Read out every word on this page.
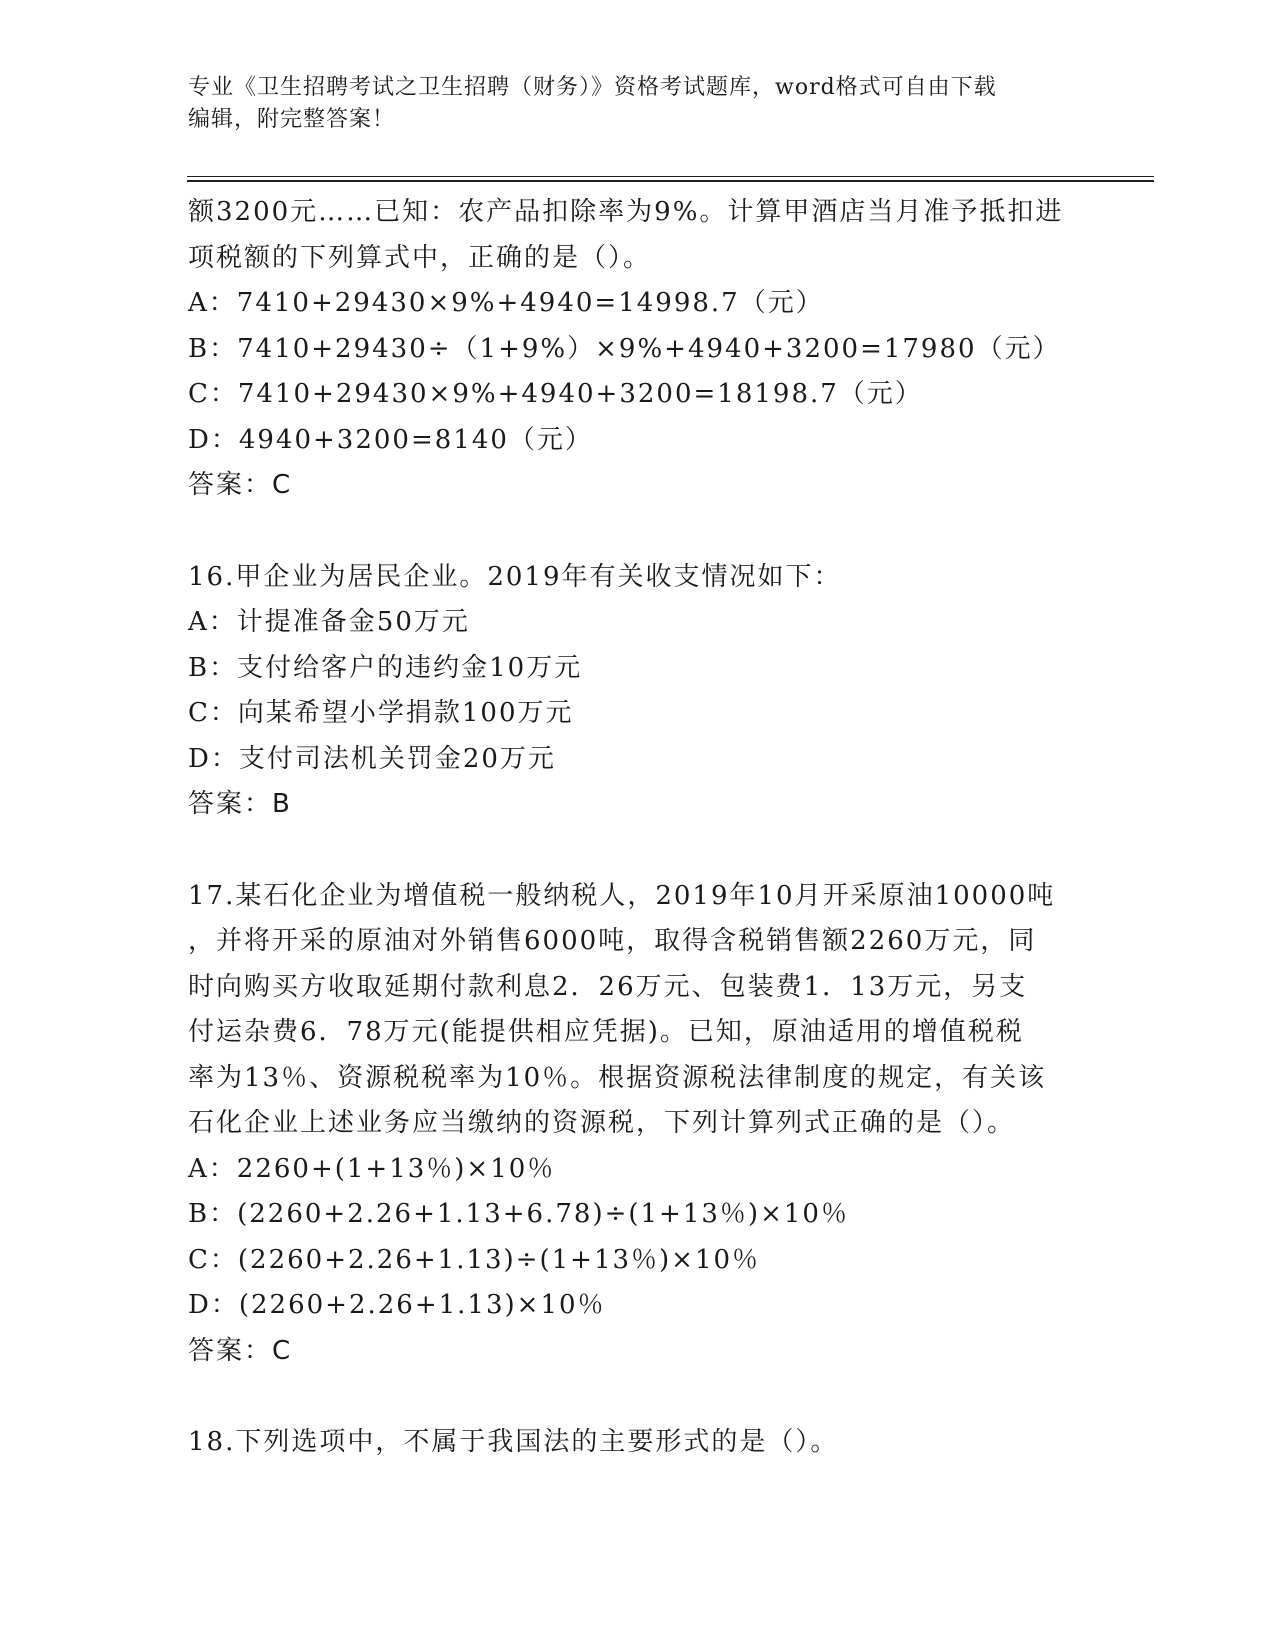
专业《卫生招聘考试之卫生招聘（财务）》资格考试题库，word格式可自由下载
编辑，附完整答案！
额3200元……已知：农产品扣除率为9%。计算甲酒店当月准予抵扣进
项税额的下列算式中，正确的是（）。
A：7410+29430×9%+4940=14998.7（元）
B：7410+29430÷（1+9%）×9%+4940+3200=17980（元）
C：7410+29430×9%+4940+3200=18198.7（元）
D：4940+3200=8140（元）
答案：C
16.甲企业为居民企业。2019年有关收支情况如下：
A：计提准备金50万元
B：支付给客户的违约金10万元
C：向某希望小学捐款100万元
D：支付司法机关罚金20万元
答案：B
17.某石化企业为增值税一般纳税人，2019年10月开采原油10000吨
，并将开采的原油对外销售6000吨，取得含税销售额2260万元，同
时向购买方收取延期付款利息2．26万元、包装费1．13万元，另支
付运杂费6．78万元(能提供相应凭据)。已知，原油适用的增值税税
率为13％、资源税税率为10％。根据资源税法律制度的规定，有关该
石化企业上述业务应当缴纳的资源税，下列计算列式正确的是（）。
A：2260+(1+13％)×10％
B：(2260+2.26+1.13+6.78)÷(1+13％)×10％
C：(2260+2.26+1.13)÷(1+13％)×10％
D：(2260+2.26+1.13)×10％
答案：C
18.下列选项中，不属于我国法的主要形式的是（）。
